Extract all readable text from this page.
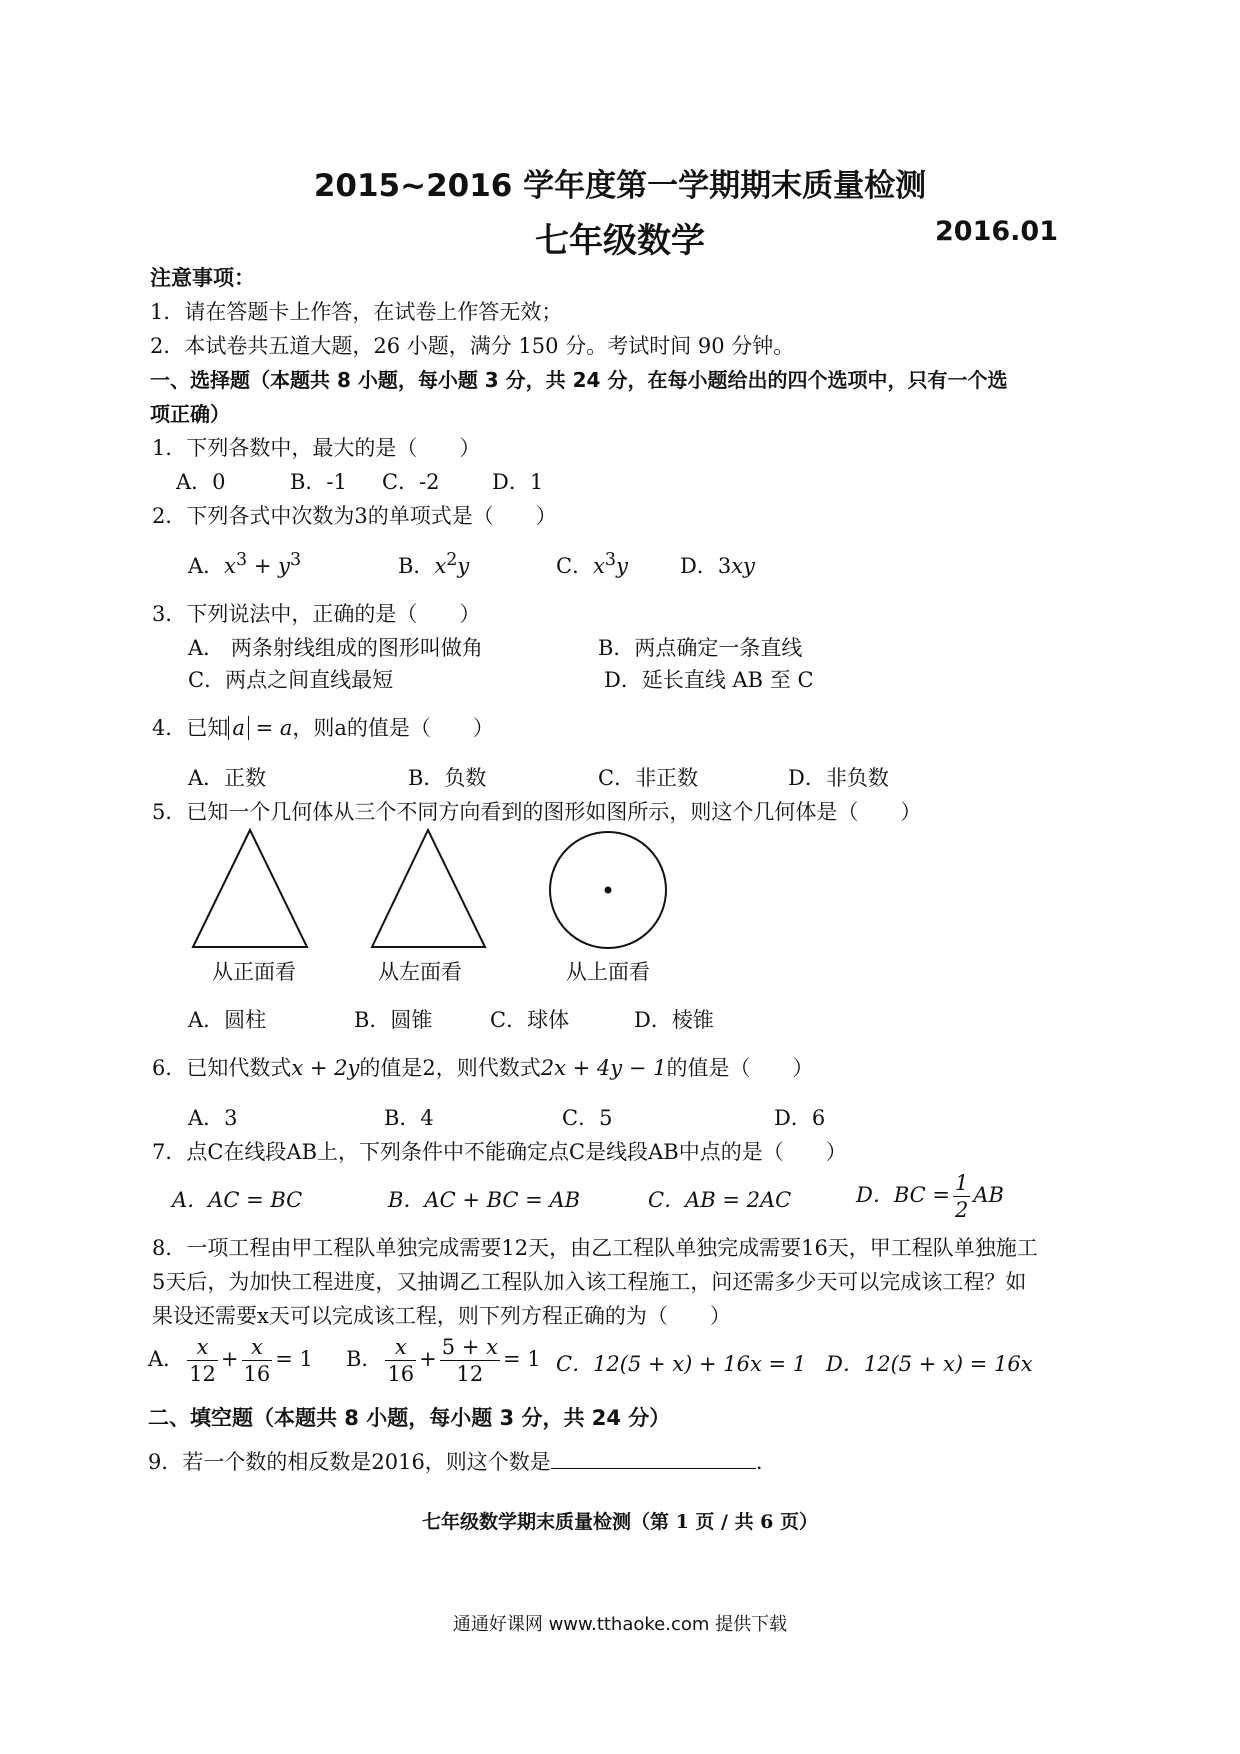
2015~2016 学年度第一学期期末质量检测
七年级数学	2016.01
注意事项：
1．请在答题卡上作答，在试卷上作答无效；
2．本试卷共五道大题，26 小题，满分 150 分。考试时间 90 分钟。
一、选择题（本题共 8 小题，每小题 3 分，共 24 分，在每小题给出的四个选项中，只有一个选
项正确）
1．下列各数中，最大的是（　　）
A．0	B．-1 C．-2 D．1
2．下列各式中次数为3的单项式是（　　）
A．$x^3 + y^3$	B．$x^2y$	C．$x^3y$ D．3xy
3．下列说法中，正确的是（　　）
A． 两条射线组成的图形叫做角	B．两点确定一条直线
C．两点之间直线最短	D．延长直线 AB 至 C
4．已知 a = a，则a的值是（　　）
A．正数	B．负数	C．非正数	D．非负数
5．已知一个几何体从三个不同方向看到的图形如图所示，则这个几何体是（　　）
从正面看	从左面看	从上面看
A．圆柱	B．圆锥	C．球体	D．棱锥
6．已知代数式x + 2y的值是2，则代数式2x + 4y − 1的值是（　　）
A．3	B．4	C．5	D．6
7．点C在线段AB上，下列条件中不能确定点C是线段AB中点的是（　　）
A．AC = BC	B．AC + BC = AB	C．AB = 2AC	D．BC = $\frac{1}{2}$ AB
8．一项工程由甲工程队单独完成需要12天，由乙工程队单独完成需要16天，甲工程队单独施工
5天后，为加快工程进度，又抽调乙工程队加入该工程施工，问还需多少天可以完成该工程？如
果设还需要x天可以完成该工程，则下列方程正确的为（　　）
A． $\frac{x}{12} + \frac{x}{16} = 1$ B． $\frac{x}{16} + \frac{5 + x}{12} = 1$ C．12(5 + x) + 16x = 1 D．12(5 + x) = 16x
二、填空题（本题共 8 小题，每小题 3 分，共 24 分）
9．若一个数的相反数是2016，则这个数是	.
七年级数学期末质量检测（第 1 页 / 共 6 页）
通通好课网 www.tthaoke.com 提供下载
